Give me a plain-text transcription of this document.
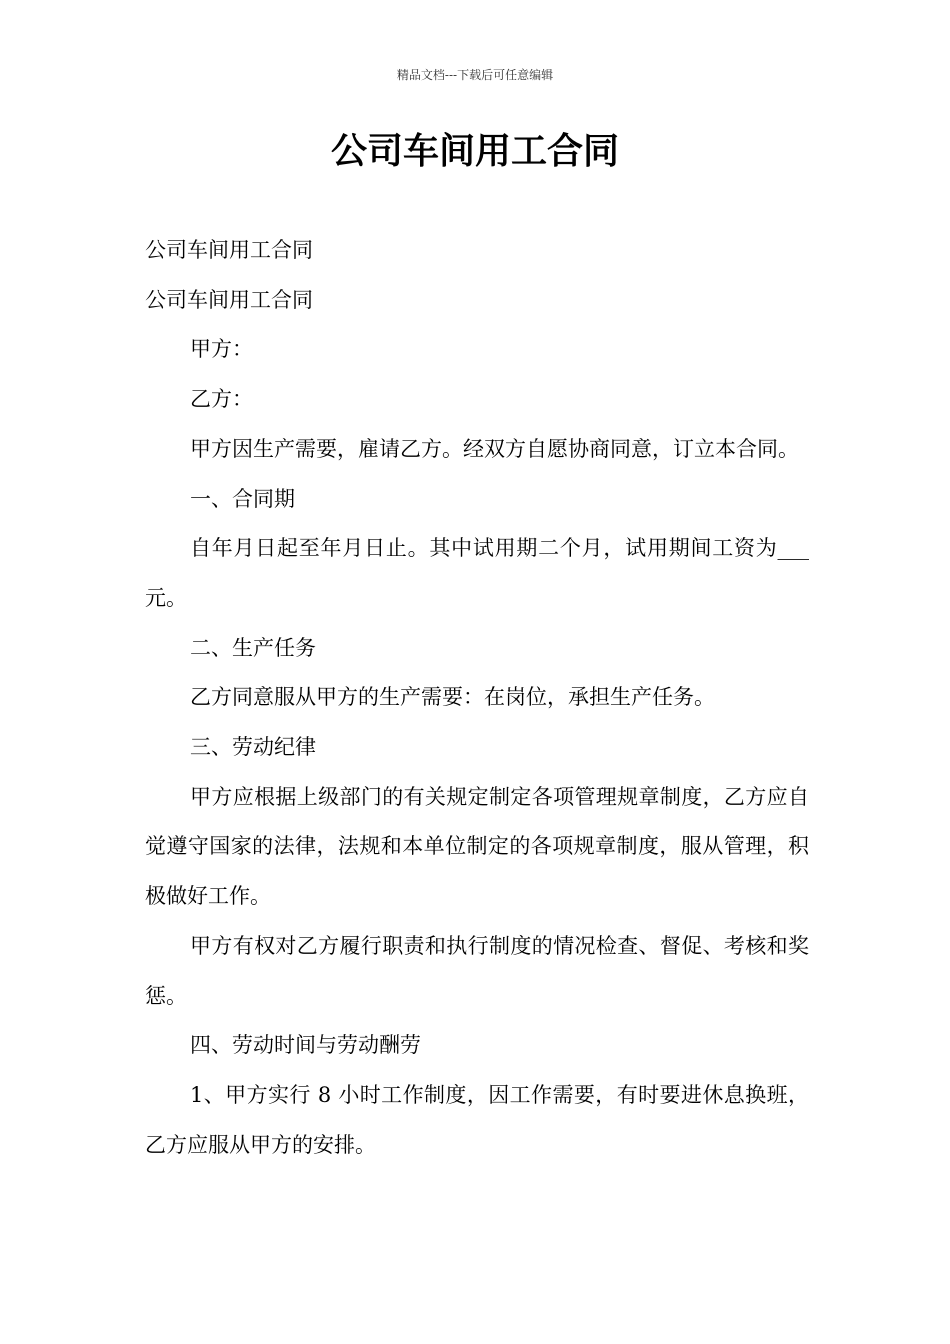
精品文档---下载后可任意编辑
公司车间用工合同

公司车间用工合同

公司车间用工合同

甲方：

乙方：

甲方因生产需要，雇请乙方。经双方自愿协商同意，订立本合同。

一、合同期

自年月日起至年月日止。其中试用期二个月，试用期间工资为___元。

二、生产任务

乙方同意服从甲方的生产需要：在岗位，承担生产任务。

三、劳动纪律

甲方应根据上级部门的有关规定制定各项管理规章制度，乙方应自觉遵守国家的法律，法规和本单位制定的各项规章制度，服从管理，积极做好工作。

甲方有权对乙方履行职责和执行制度的情况检查、督促、考核和奖惩。

四、劳动时间与劳动酬劳

1、甲方实行 8 小时工作制度，因工作需要，有时要进休息换班，乙方应服从甲方的安排。
